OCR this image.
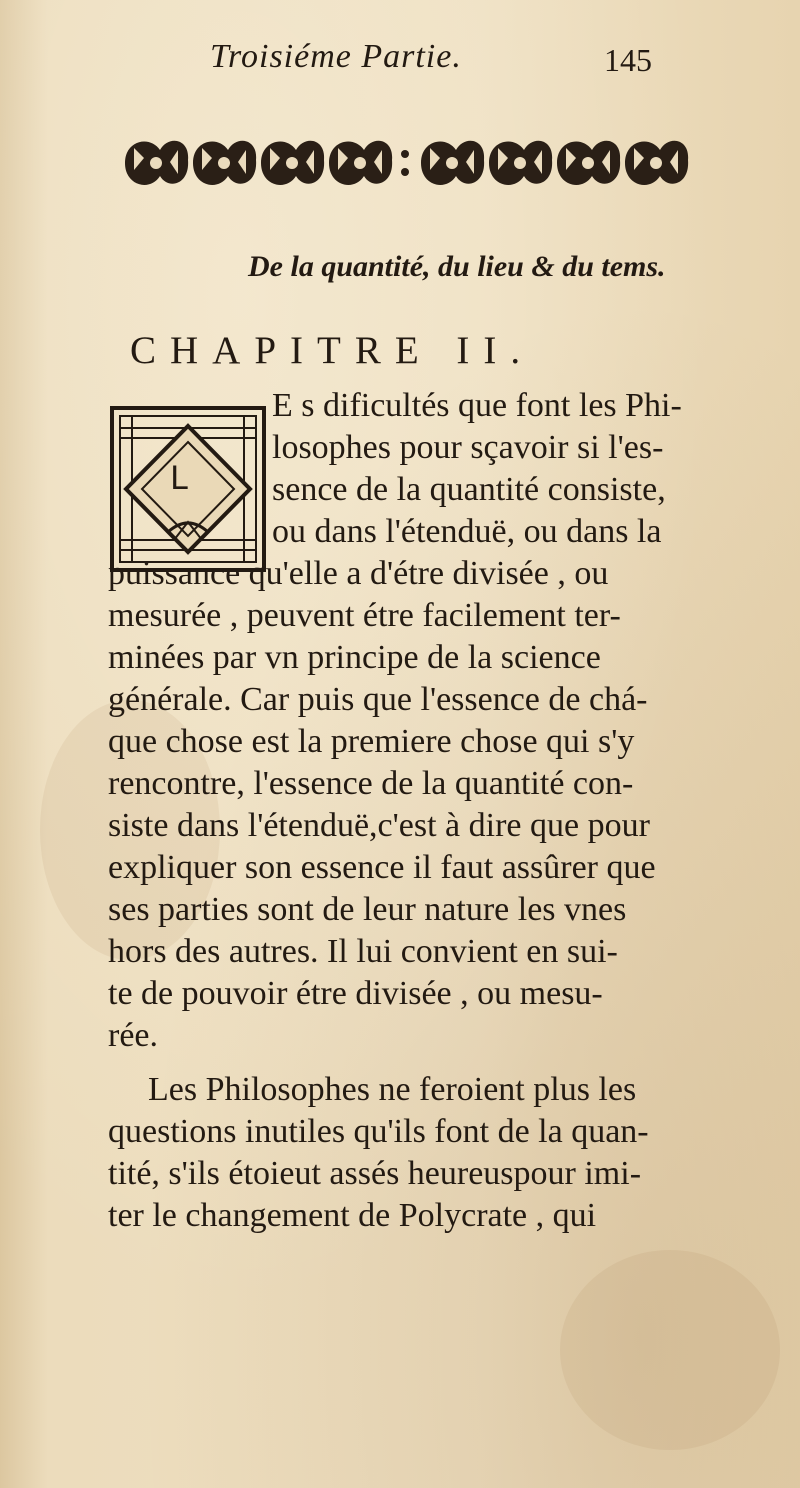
Troisiéme Partie.	145
De la quantité, du lieu & du tems.
CHAPITRE II.
L
E s dificultés que font les Phi-
losophes pour sçavoir si l'es-
sence de la quantité consiste,
ou dans l'étenduë, ou dans la
puissance qu'elle a d'étre divisée , ou
mesurée , peuvent étre facilement ter-
minées par vn principe de la science
générale. Car puis que l'essence de chá-
que chose est la premiere chose qui s'y
rencontre, l'essence de la quantité con-
siste dans l'étenduë,c'est à dire que pour
expliquer son essence il faut assûrer que
ses parties sont de leur nature les vnes
hors des autres. Il lui convient en sui-
te de pouvoir étre divisée , ou mesu-
rée.
Les Philosophes ne feroient plus les
questions inutiles qu'ils font de la quan-
tité, s'ils étoieut assés heureuspour imi-
ter le changement de Polycrate , qui
